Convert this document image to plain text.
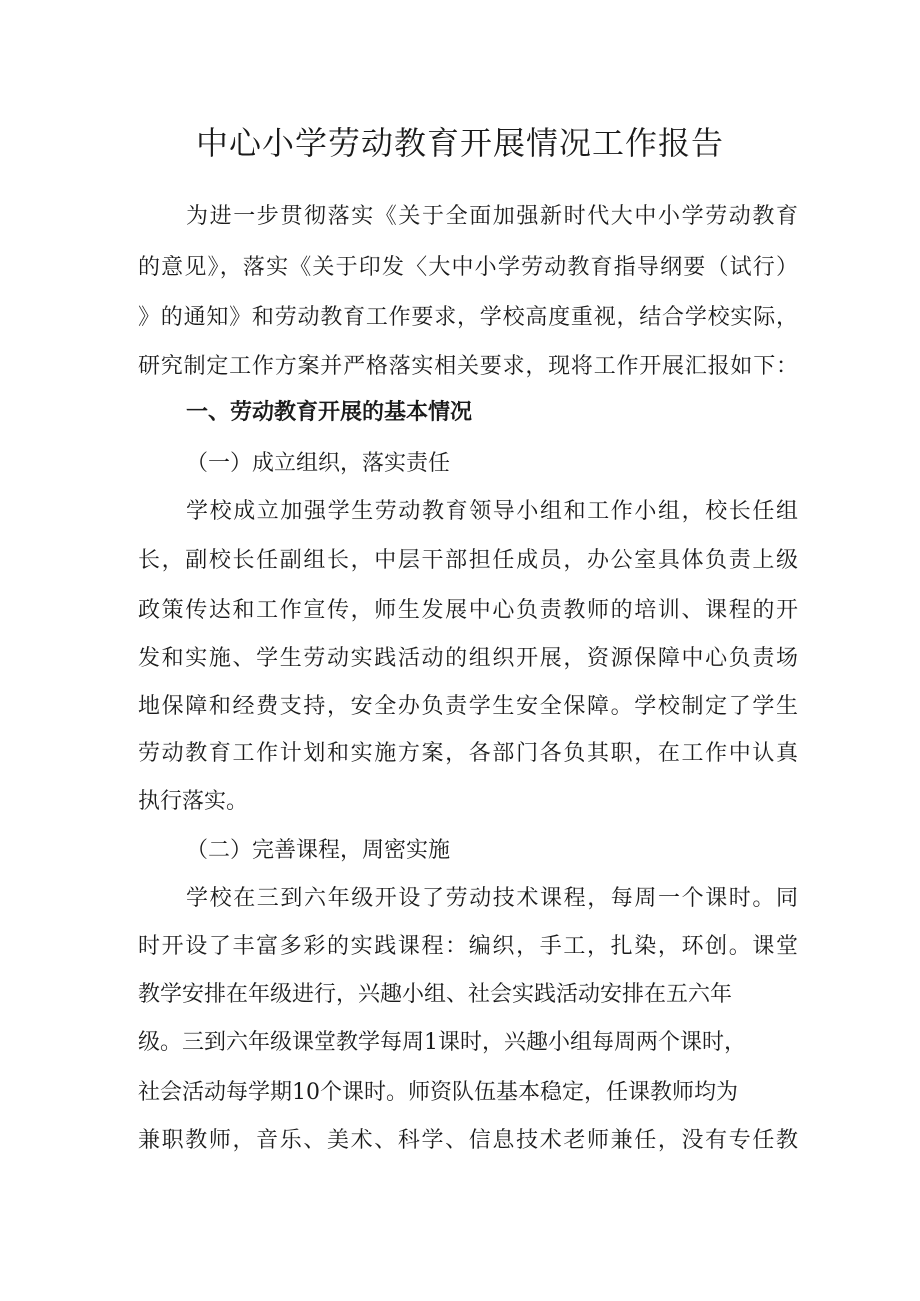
中心小学劳动教育开展情况工作报告
为进一步贯彻落实《关于全面加强新时代大中小学劳动教育
的意见》，落实《关于印发〈大中小学劳动教育指导纲要（试行）
》的通知》和劳动教育工作要求，学校高度重视，结合学校实际，
研究制定工作方案并严格落实相关要求，现将工作开展汇报如下：
一、劳动教育开展的基本情况
（一）成立组织，落实责任
学校成立加强学生劳动教育领导小组和工作小组，校长任组
长，副校长任副组长，中层干部担任成员，办公室具体负责上级
政策传达和工作宣传，师生发展中心负责教师的培训、课程的开
发和实施、学生劳动实践活动的组织开展，资源保障中心负责场
地保障和经费支持，安全办负责学生安全保障。学校制定了学生
劳动教育工作计划和实施方案，各部门各负其职，在工作中认真
执行落实。
（二）完善课程，周密实施
学校在三到六年级开设了劳动技术课程，每周一个课时。同
时开设了丰富多彩的实践课程：编织，手工，扎染，环创。课堂
教学安排在年级进行，兴趣小组、社会实践活动安排在五六年
级。三到六年级课堂教学每周1课时，兴趣小组每周两个课时，
社会活动每学期10个课时。师资队伍基本稳定，任课教师均为
兼职教师，音乐、美术、科学、信息技术老师兼任，没有专任教
